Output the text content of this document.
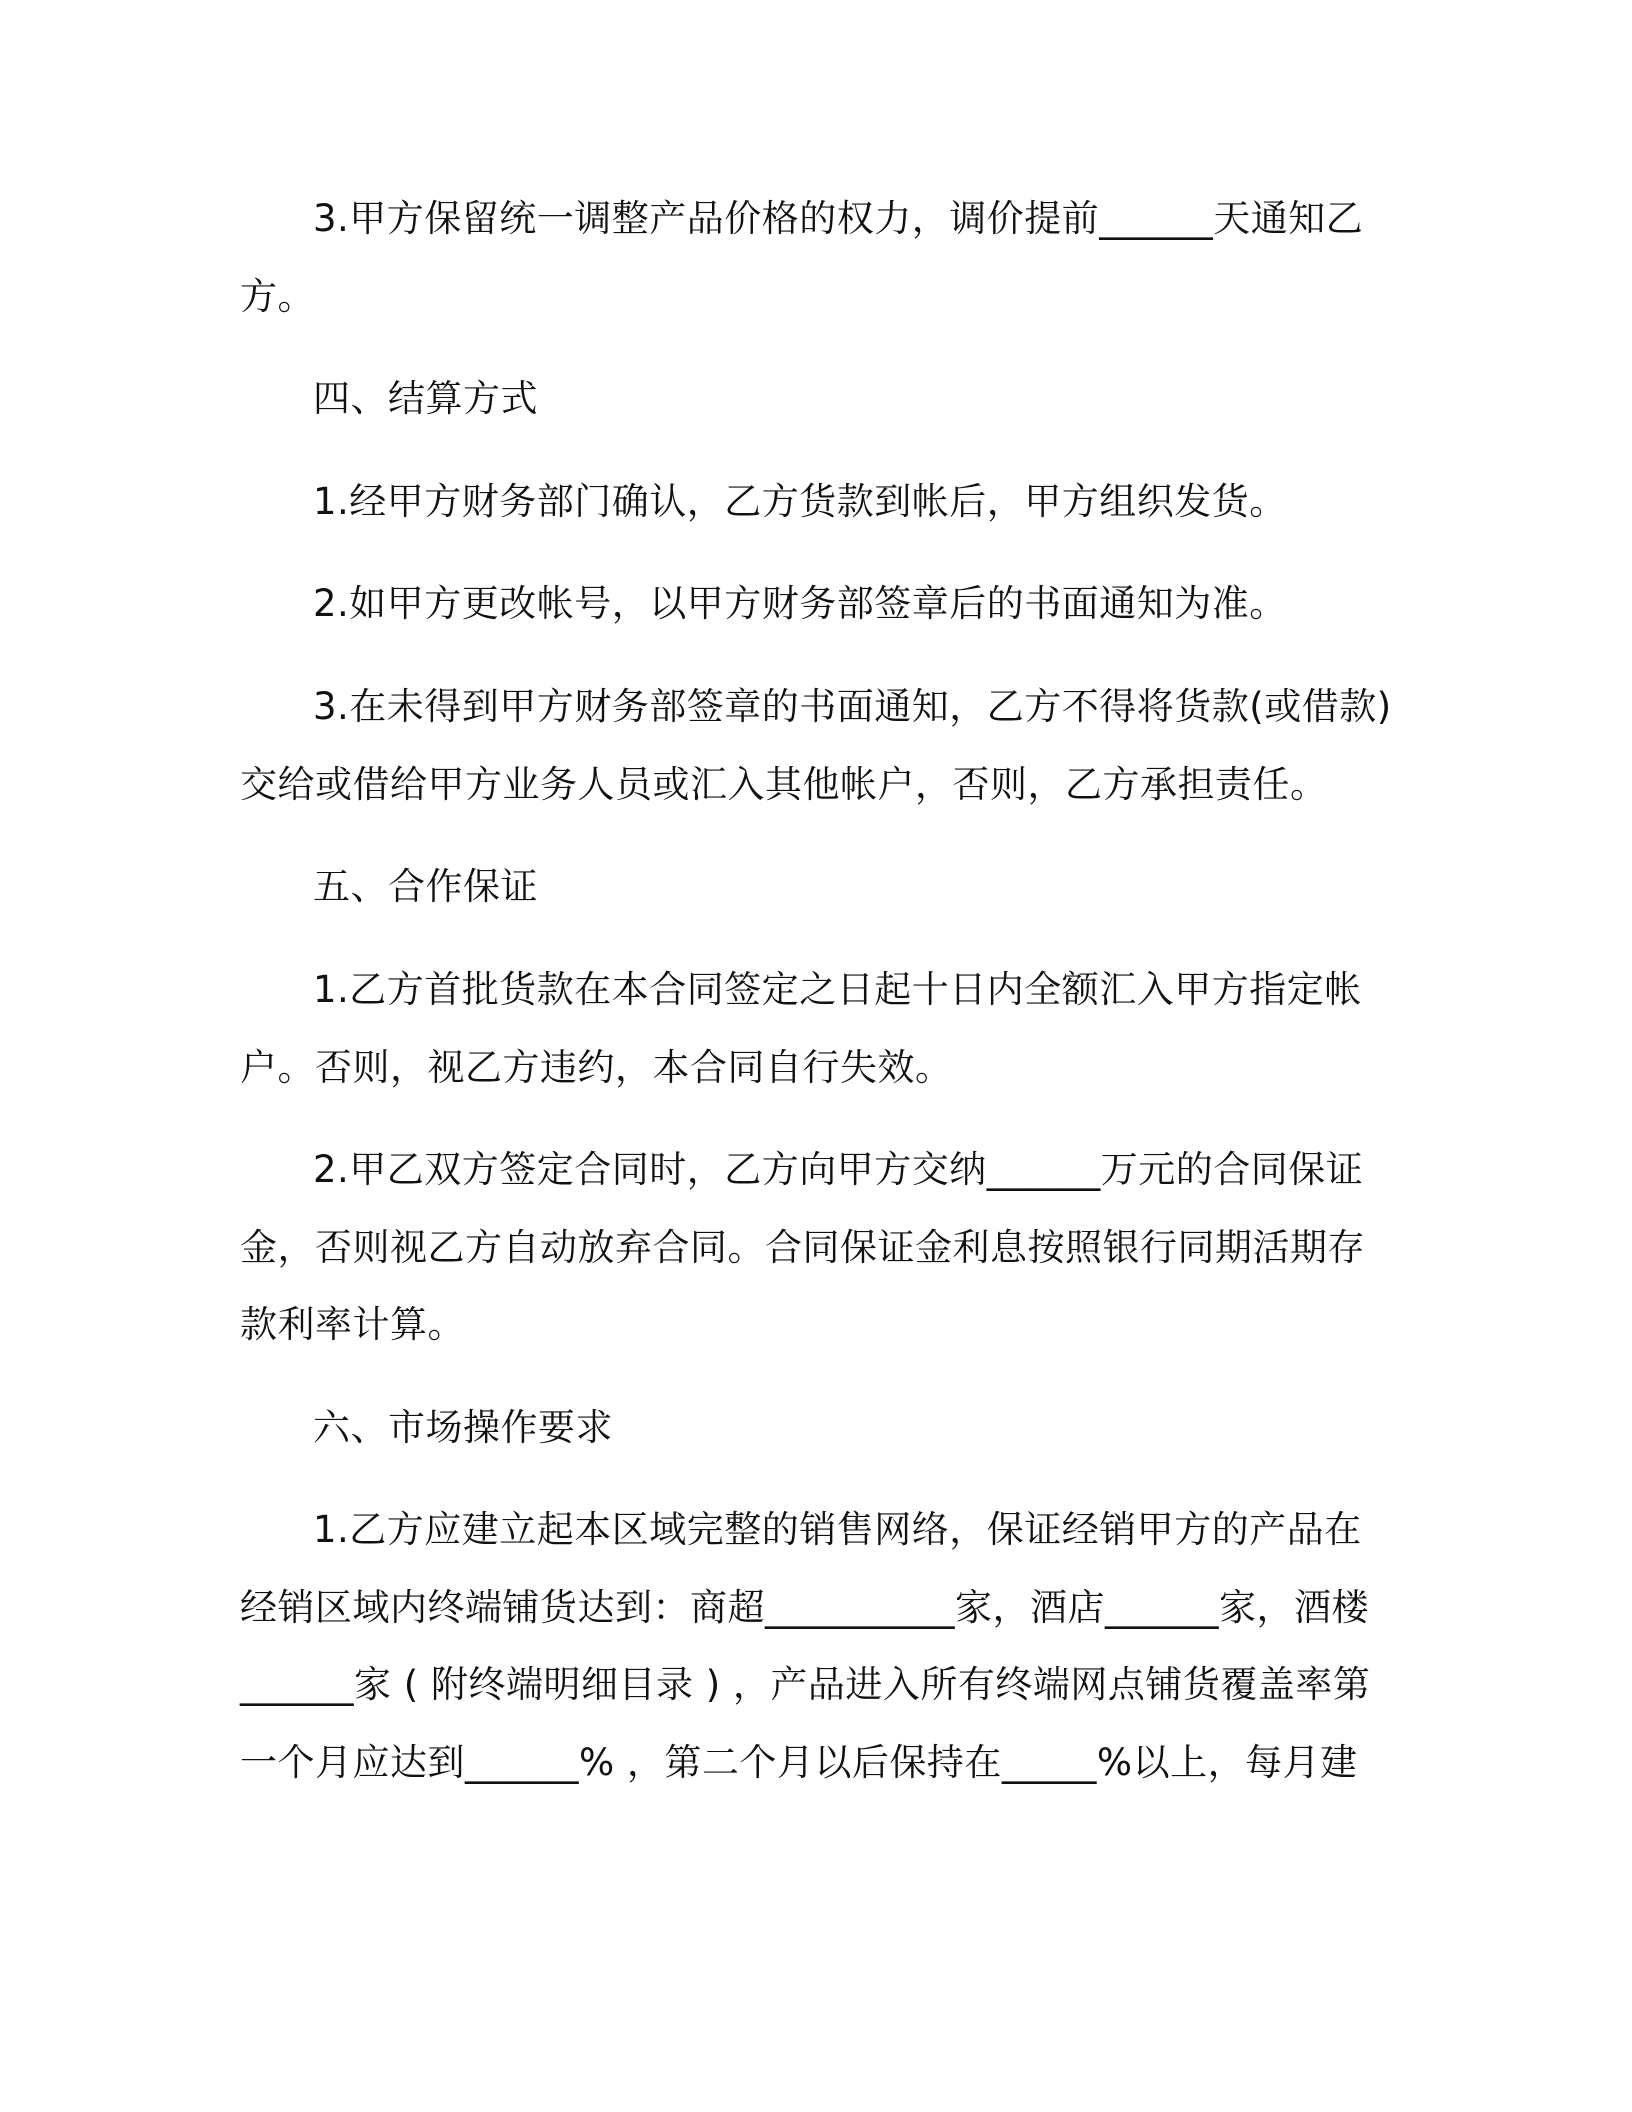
3.甲方保留统一调整产品价格的权力，调价提前______天通知乙
方。
四、结算方式
1.经甲方财务部门确认，乙方货款到帐后，甲方组织发货。
2.如甲方更改帐号，以甲方财务部签章后的书面通知为准。
3.在未得到甲方财务部签章的书面通知，乙方不得将货款(或借款)
交给或借给甲方业务人员或汇入其他帐户，否则，乙方承担责任。
五、合作保证
1.乙方首批货款在本合同签定之日起十日内全额汇入甲方指定帐
户。否则，视乙方违约，本合同自行失效。
2.甲乙双方签定合同时，乙方向甲方交纳______万元的合同保证
金，否则视乙方自动放弃合同。合同保证金利息按照银行同期活期存
款利率计算。
六、市场操作要求
1.乙方应建立起本区域完整的销售网络，保证经销甲方的产品在
经销区域内终端铺货达到：商超__________家，酒店______家，酒楼
______家 ( 附终端明细目录 ) ，产品进入所有终端网点铺货覆盖率第
一个月应达到______% ，第二个月以后保持在_____%以上，每月建
